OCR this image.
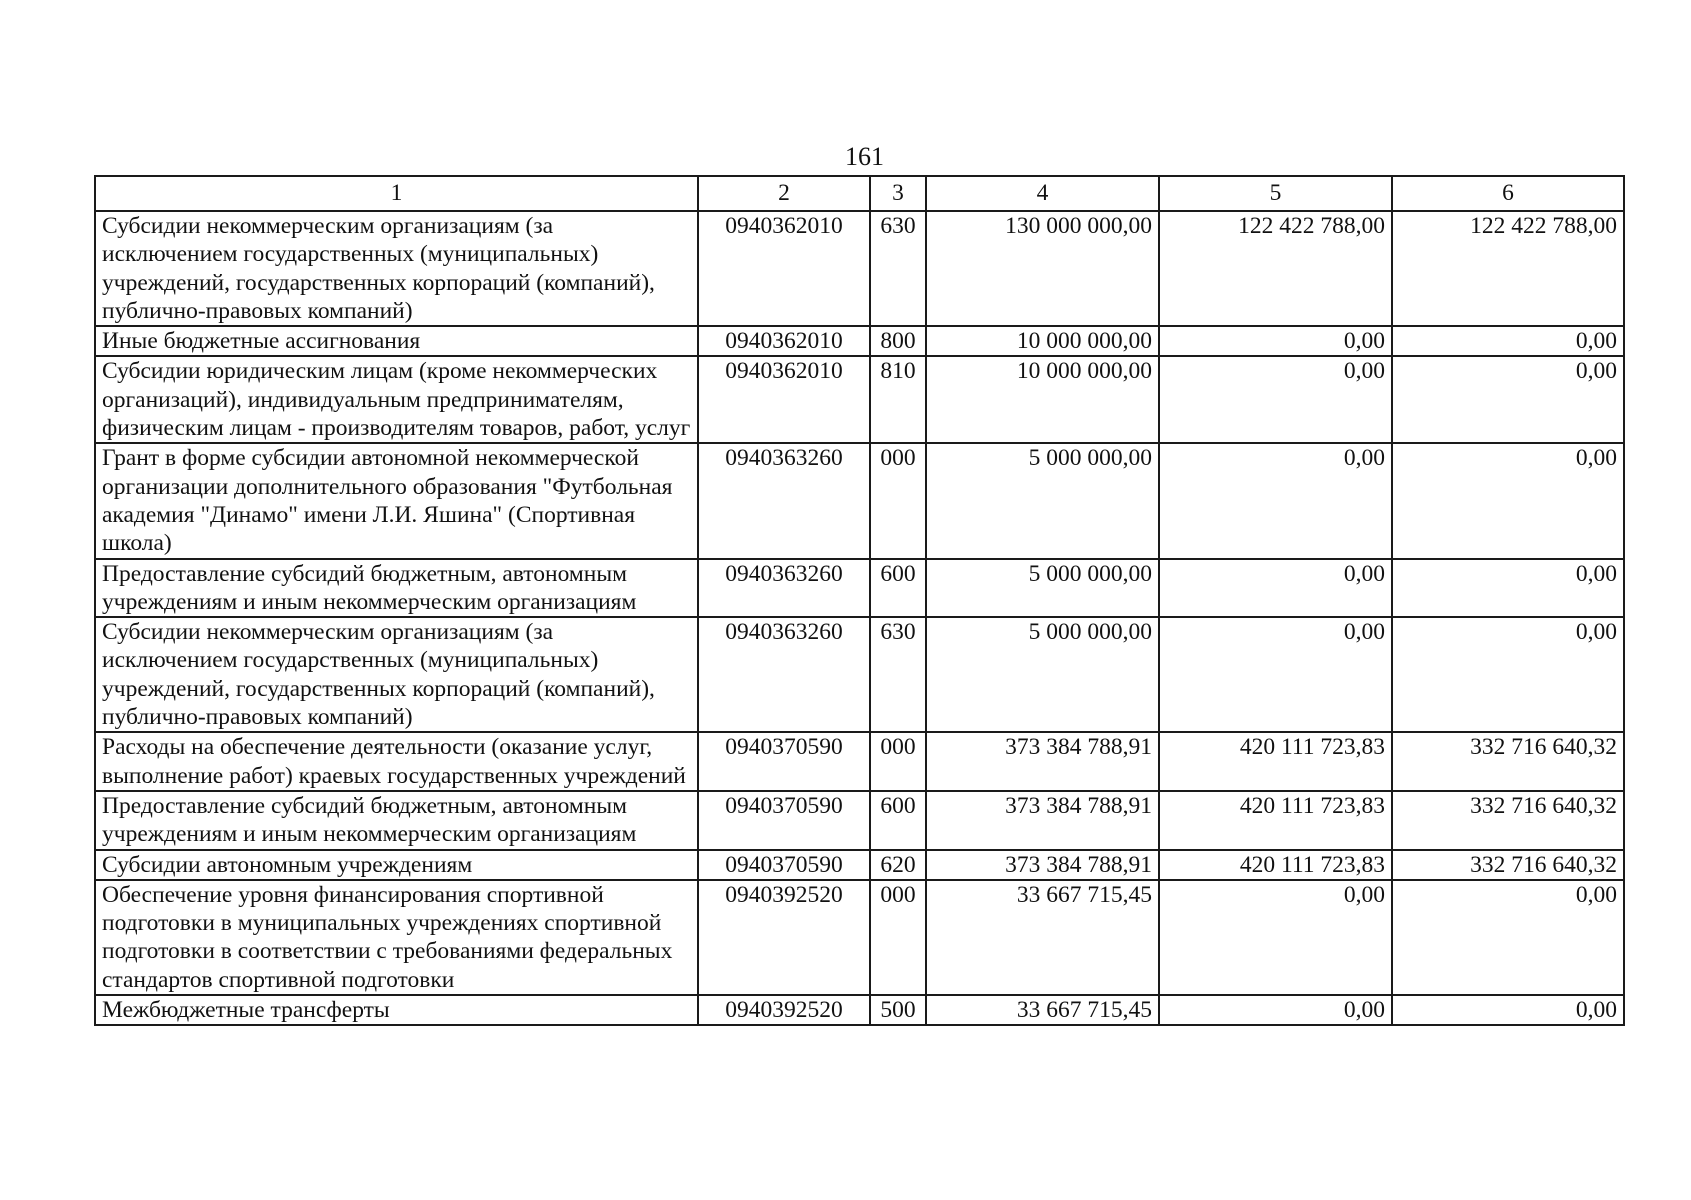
161
1	2	3	4	5	6
Субсидии некоммерческим организациям (за исключением государственных (муниципальных) учреждений, государственных корпораций (компаний), публично-правовых компаний)	0940362010	630	130 000 000,00	122 422 788,00	122 422 788,00
Иные бюджетные ассигнования	0940362010	800	10 000 000,00	0,00	0,00
Субсидии юридическим лицам (кроме некоммерческих организаций), индивидуальным предпринимателям, физическим лицам - производителям товаров, работ, услуг	0940362010	810	10 000 000,00	0,00	0,00
Грант в форме субсидии автономной некоммерческой организации дополнительного образования "Футбольная академия "Динамо" имени Л.И. Яшина" (Спортивная школа)	0940363260	000	5 000 000,00	0,00	0,00
Предоставление субсидий бюджетным, автономным учреждениям и иным некоммерческим организациям	0940363260	600	5 000 000,00	0,00	0,00
Субсидии некоммерческим организациям (за исключением государственных (муниципальных) учреждений, государственных корпораций (компаний), публично-правовых компаний)	0940363260	630	5 000 000,00	0,00	0,00
Расходы на обеспечение деятельности (оказание услуг, выполнение работ) краевых государственных учреждений	0940370590	000	373 384 788,91	420 111 723,83	332 716 640,32
Предоставление субсидий бюджетным, автономным учреждениям и иным некоммерческим организациям	0940370590	600	373 384 788,91	420 111 723,83	332 716 640,32
Субсидии автономным учреждениям	0940370590	620	373 384 788,91	420 111 723,83	332 716 640,32
Обеспечение уровня финансирования спортивной подготовки в муниципальных учреждениях спортивной подготовки в соответствии с требованиями федеральных стандартов спортивной подготовки	0940392520	000	33 667 715,45	0,00	0,00
Межбюджетные трансферты	0940392520	500	33 667 715,45	0,00	0,00
